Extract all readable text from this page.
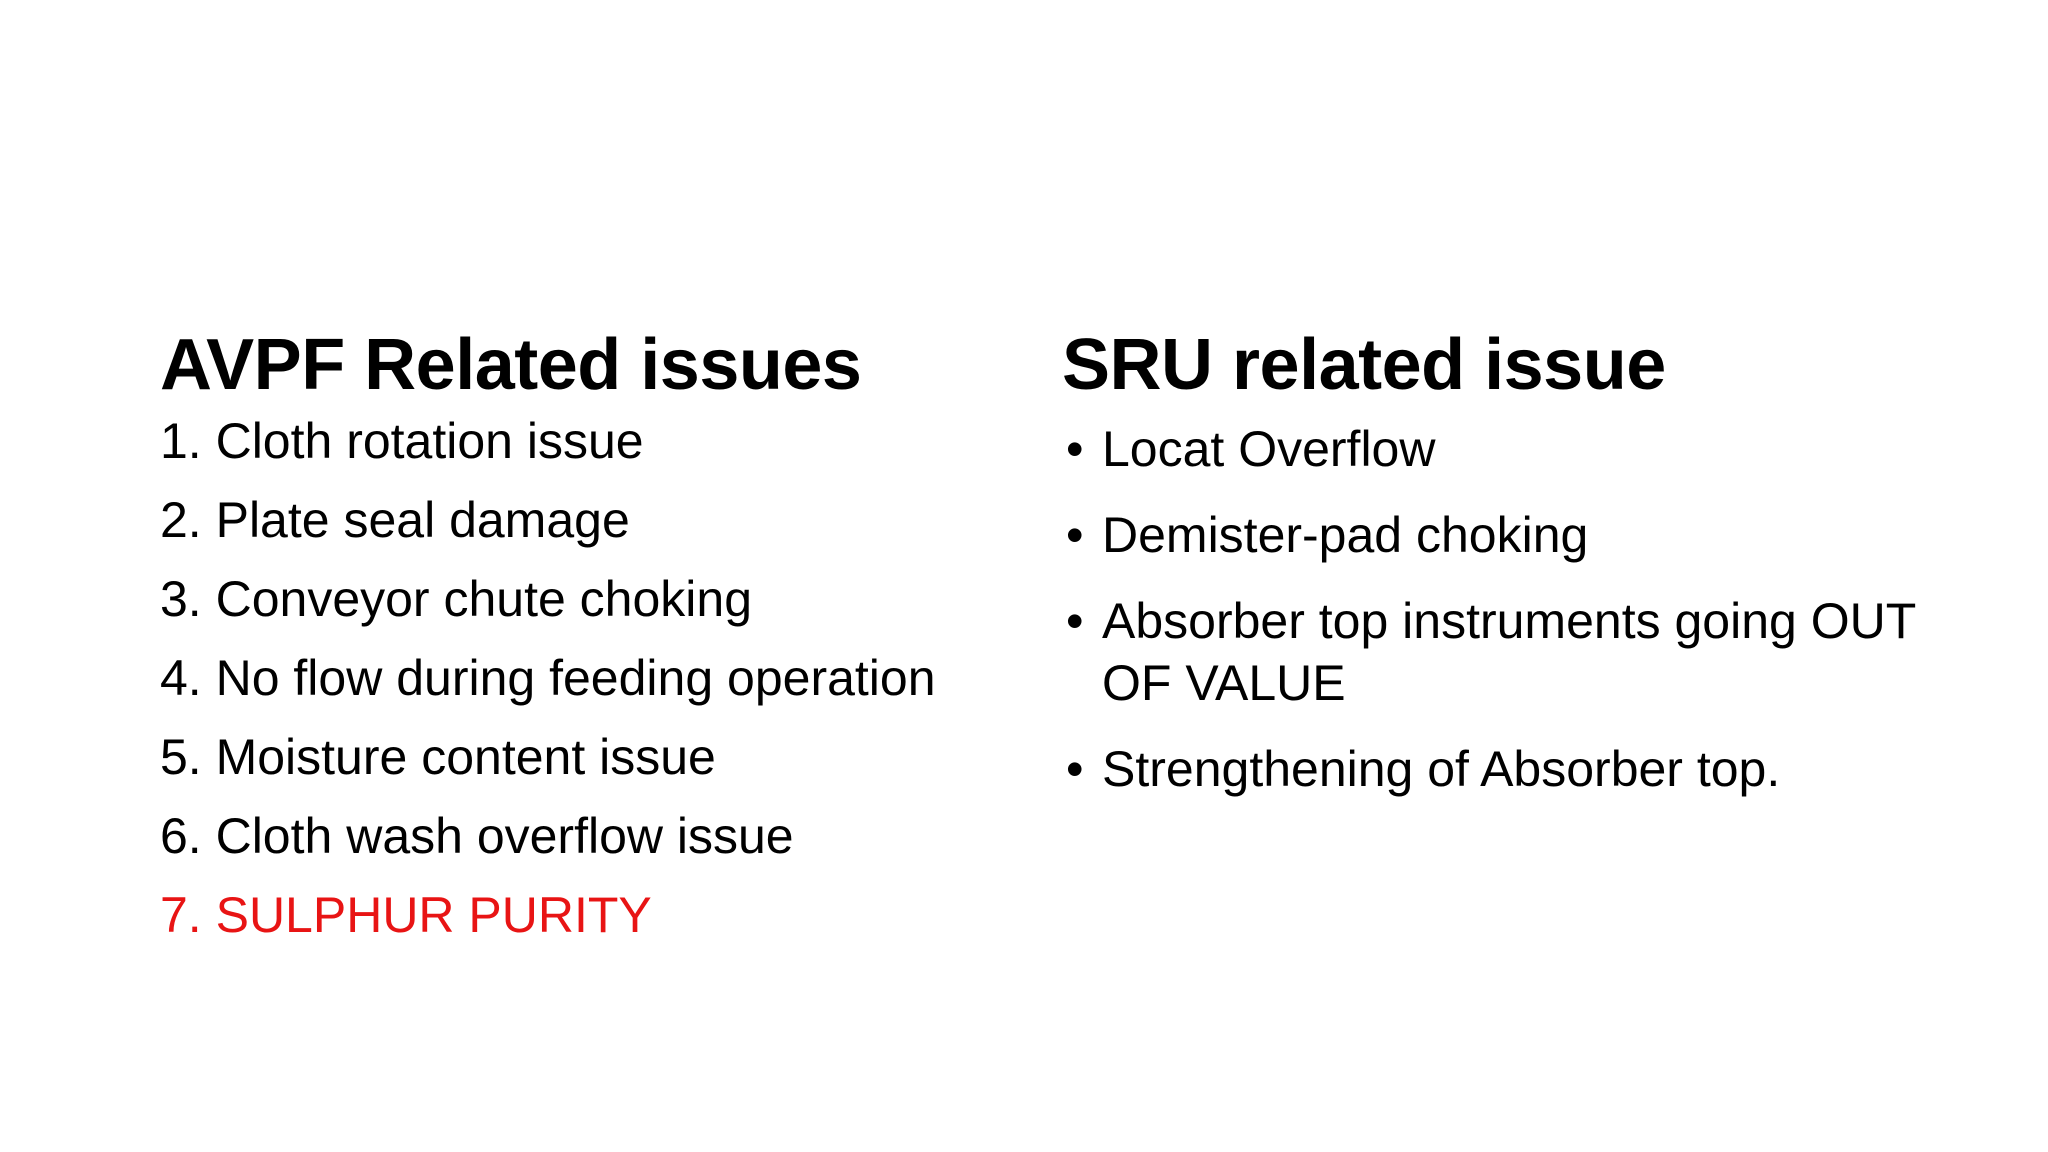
AVPF Related issues
1. Cloth rotation issue
2. Plate seal damage
3. Conveyor chute choking
4. No flow during feeding operation
5. Moisture content issue
6. Cloth wash overflow issue
7. SULPHUR PURITY
SRU related issue
• Locat Overflow
• Demister-pad choking
• Absorber top instruments going OUT OF VALUE
• Strengthening of Absorber top.
